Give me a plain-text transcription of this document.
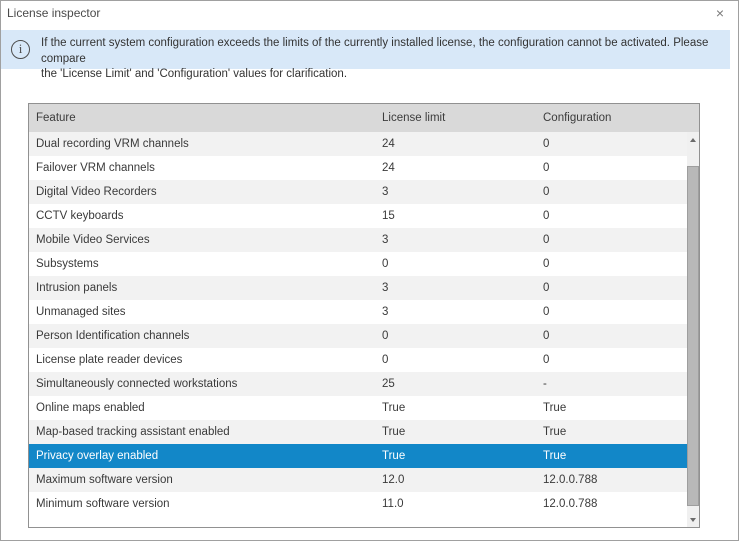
License inspector	×
i	If the current system configuration exceeds the limits of the currently installed license, the configuration cannot be activated. Please compare
the 'License Limit' and 'Configuration' values for clarification.
Feature	License limit	Configuration
Dual recording VRM channels	24	0
Failover VRM channels	24	0
Digital Video Recorders	3	0
CCTV keyboards	15	0
Mobile Video Services	3	0
Subsystems	0	0
Intrusion panels	3	0
Unmanaged sites	3	0
Person Identification channels	0	0
License plate reader devices	0	0
Simultaneously connected workstations	25	-
Online maps enabled	True	True
Map-based tracking assistant enabled	True	True
Privacy overlay enabled	True	True
Maximum software version	12.0	12.0.0.788
Minimum software version	11.0	12.0.0.788
